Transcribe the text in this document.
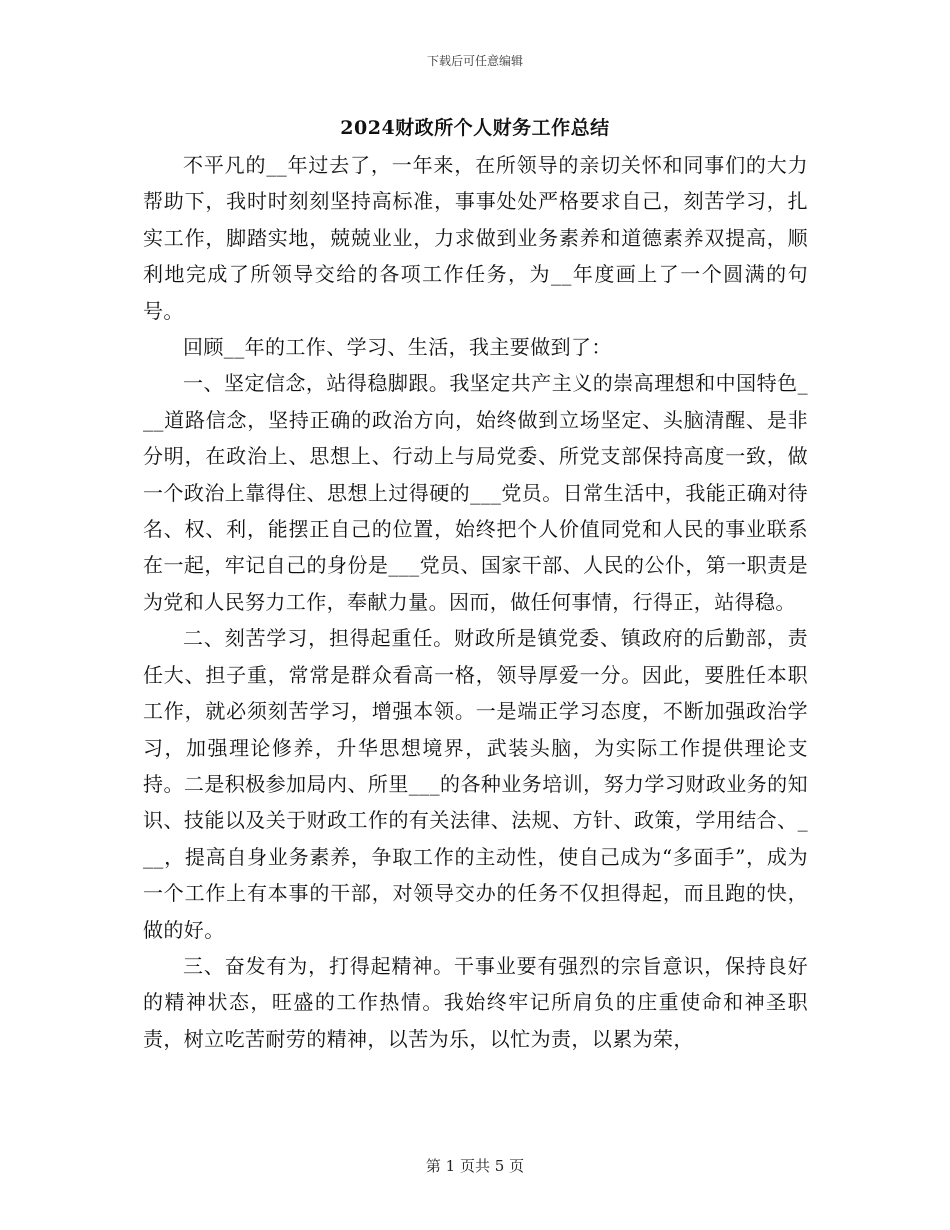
下载后可任意编辑
2024财政所个人财务工作总结

不平凡的__年过去了，一年来，在所领导的亲切关怀和同事们的大力帮助下，我时时刻刻坚持高标准，事事处处严格要求自己，刻苦学习，扎实工作，脚踏实地，兢兢业业，力求做到业务素养和道德素养双提高，顺利地完成了所领导交给的各项工作任务，为__年度画上了一个圆满的句号。

回顾__年的工作、学习、生活，我主要做到了：

一、坚定信念，站得稳脚跟。我坚定共产主义的崇高理想和中国特色___道路信念，坚持正确的政治方向，始终做到立场坚定、头脑清醒、是非分明，在政治上、思想上、行动上与局党委、所党支部保持高度一致，做一个政治上靠得住、思想上过得硬的___党员。日常生活中，我能正确对待名、权、利，能摆正自己的位置，始终把个人价值同党和人民的事业联系在一起，牢记自己的身份是___党员、国家干部、人民的公仆，第一职责是为党和人民努力工作，奉献力量。因而，做任何事情，行得正，站得稳。

二、刻苦学习，担得起重任。财政所是镇党委、镇政府的后勤部，责任大、担子重，常常是群众看高一格，领导厚爱一分。因此，要胜任本职工作，就必须刻苦学习，增强本领。一是端正学习态度，不断加强政治学习，加强理论修养，升华思想境界，武装头脑，为实际工作提供理论支持。二是积极参加局内、所里___的各种业务培训，努力学习财政业务的知识、技能以及关于财政工作的有关法律、法规、方针、政策，学用结合、___，提高自身业务素养，争取工作的主动性，使自己成为“多面手”，成为一个工作上有本事的干部，对领导交办的任务不仅担得起，而且跑的快，做的好。

三、奋发有为，打得起精神。干事业要有强烈的宗旨意识，保持良好的精神状态，旺盛的工作热情。我始终牢记所肩负的庄重使命和神圣职责，树立吃苦耐劳的精神，以苦为乐，以忙为责，以累为荣，

第 1 页共 5 页
